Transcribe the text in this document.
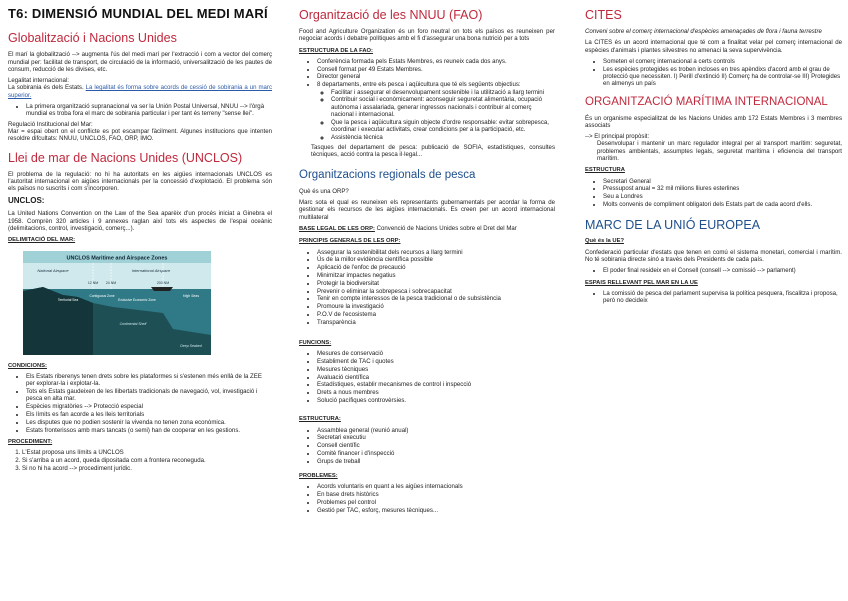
T6: DIMENSIÓ MUNDIAL DEL MEDI MARÍ
Globalització i Nacions Unides

El marí la globalització --> augmenta l'ús del medi marí per l'extracció i com a vector del comerç mundial per: facilitat de transport, de circulació de la informació, universalització de les pautes de consum, reducció de les divises, etc.

Legalitat internacional:

La sobirania és dels Estats. La legalitat és forma sobre acords de cessió de sobirania a un marc superior.

• La primera organització supranacional va ser la Unión Postal Universal, NNUU --> l'òrgà mundial es troba fora el marc de sobirania particular i per tant és terreny "sense llei".
Regulació Institucional del Mar:

Mar = espai obert on el conflicte es pot escampar fàcilment. Algunes institucions que intenten resoldre difcultats: NNUU, UNCLOS, FAO, ORP, IMO.

Llei de mar de Nacions Unides (UNCLOS)

El problema de la regulació: no hi ha autoritats en les aigües internacionals UNCLOS es l'autoritat internacional en aigües internacionals per la concessió d'explotació. El problema són els països no suscrits i com s'incorporen.

UNCLOS:

La United Nations Convention on the Law of the Sea aparèix d'un procés iniciat a Ginebra el 1958. Comprèn 320 articles i 9 annexes raglan així tots els aspectes de l'espai oceànic (delimitacions, control, investigació, comerç...).

DELIMITACIÓ DEL MAR:
UNCLOS Maritime and Airspace Zones
National Airspace	International Airspace
12 NM 24 NM	200 NM
Territorial Sea
Contiguous Zone
Exclusive Economic Zone
High Seas
Continental Shelf
Deep Seabed
CONDICIONS:
• Els Estats riberenys tenen drets sobre les plataformes si s'estenen més enllà de la ZEE per explorar-la i explotar-la.
• Tots els Estats gaudeixen de les llibertats tradicionals de navegació, vol, investigació i pesca en alta mar.
• Espècies migratòries --> Protecció especial
• Els límits es fan acorde a les lleis territorials
• Les disputes que no podien sostenir la vivenda no tenen zona econòmica.
• Estats fronterissos amb mars tancats (o semi) han de cooperar en les gestions.
PROCEDIMENT:
1. L'Estat proposa uns límits a UNCLOS
2. Si s'arriba a un acord, queda dipositada com a frontera reconeguda.
3. Si no hi ha acord --> procediment jurídic.
Organització de les NNUU (FAO)

Food and Agriculture Organization és un foro neutral on tots els països es reuneixen per negociar acords i debatre polítiques amb el fi d'assegurar una bona nutrició per a tots

ESTRUCTURA DE LA FAO:
• Conferència formada pels Estats Membres, es reuneix cada dos anys.
• Consell format per 49 Estats Membres.
• Director general
• 8 departaments, entre els pesca i aqüicultura que té els següents objectius:
◦ Facilitar i assegurar el desenvolupament sostenible i la utilització a llarg termini
◦ Contribuir social i econòmicament: aconseguir seguretat alimentària, ocupació autònoma i assalariada, generar ingressos nacionals i contribuir al comerç nacional i internacional.
◦ Que la pesca i aqüicultura siguin objecte d'ordre responsable: evitar sobrepesca, coordinar i executar activitats, crear condicions per a la participació, etc.
◦ Assistència tècnica

Tasques del departament de pesca: publicació de SOFIA, estadístiques, consultes tècniques, acció contra la pesca il·legal...

Organitzacions regionals de pesca

Què és una ORP?

Marc sota el qual es reuneixen els representants gubernamentals per acordar la forma de gestionar els recursos de les aigües internacionals. Es creen per un acord internacional multilateral

BASE LEGAL DE LES ORP: Convenció de Nacions Unides sobre el Dret del Mar

PRINCIPIS GENERALS DE LES ORP:
• Assegurar la sostenibilitat dels recursos a llarg termini
• Ús de la millor evidència científica possible
• Aplicació de l'enfoc de precaució
• Minimitzar impactes negatius
• Protegir la biodiversitat
• Prevenir o eliminar la sobrepesca i sobrecapacitat
• Tenir en compte interessos de la pesca tradicional o de subsistència
• Promoure la investigació
• P.O.V de l'ecosistema
• Transparència
FUNCIONS:
• Mesures de conservació
• Establiment de TAC i quotes
• Mesures tècniques
• Avaluació científica
• Estadístiques, establir mecanismes de control i inspecció
• Drets a nous membres
• Solució pacífiques controvèrsies.
ESTRUCTURA:
• Assamblea general (reunió anual)
• Secretari executiu
• Consell científic
• Comitè financer i d'inspecció
• Grups de treball
PROBLEMES:
• Acords voluntaris en quant a les aigües internacionals
• En base drets històrics
• Problemes pel control
• Gestió per TAC, esforç, mesures tècniques...
CITES

Conveni sobre el comerç internacional d'espècies amenaçades de flora i fauna terrestre

La CITES és un acord internacional que té com a finalitat velar pel comerç internacional de espècies d'animals i plantes silvestres no amenaci la seva supervivència.

• Someten el comerç internacional a certs controls
• Les espècies protegides es troben incloses en tres apèndixs d'acord amb el grau de protecció que necessiten. I) Perill d'extinció II) Comerç ha de controlar-se III) Protegides en almenys un país
ORGANITZACIÓ MARÍTIMA INTERNACIONAL

És un organisme especialitzat de les Nacions Unides amb 172 Estats Membres i 3 membres associats

--> El principal propòsit:

Desenvolupar i mantenir un marc regulador integral per al transport marítim: seguretat, problemes ambientals, assumptes legals, seguretat marítima i eficiencia del transport marítim.

ESTRUCTURA
• Secretari General
• Pressupost anual = 32 mil milions lliures esterlines
• Seu a Londres
• Molts convenis de compliment obligatori dels Estats part de cada acord d'ells.
MARC DE LA UNIÓ EUROPEA
Què és la UE?

Confederació particular d'estats que tenen en comú el sistema monetari, comercial i marítim. No té sobirania directe sinó a través dels Presidents de cada país.

• El poder final resideix en el Consell (consell --> comissió --> parlament)
ESPAIS RELLEVANT PEL MAR EN LA UE
• La comissió de pesca del parlament supervisa la política pesquera, fiscalitza i proposa, però no decideix
